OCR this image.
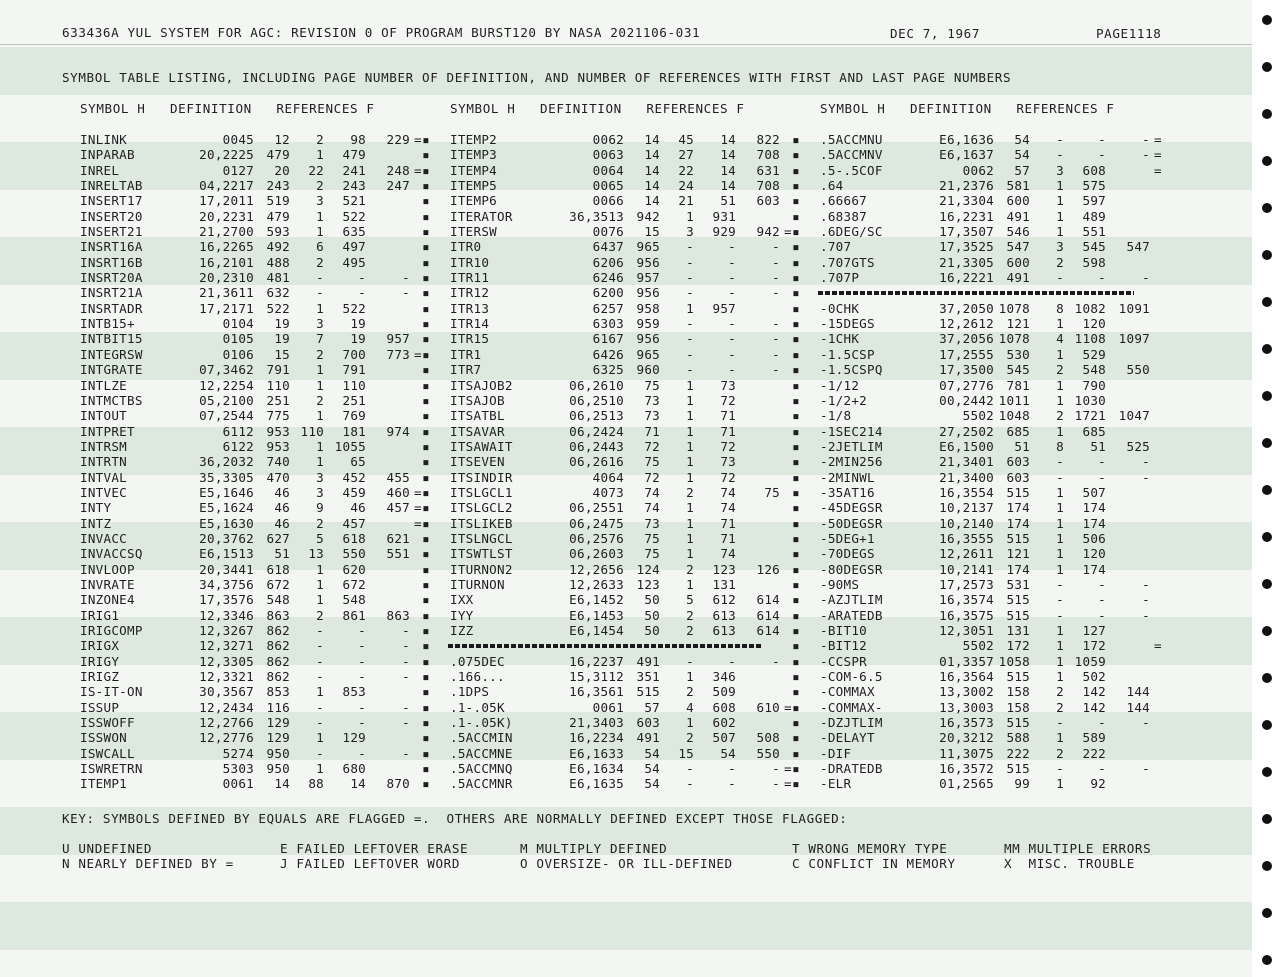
633436A YUL SYSTEM FOR AGC: REVISION 0 OF PROGRAM BURST120 BY NASA 2021106-031	DEC 7, 1967	PAGE1118
SYMBOL TABLE LISTING, INCLUDING PAGE NUMBER OF DEFINITION, AND NUMBER OF REFERENCES WITH FIRST AND LAST PAGE NUMBERS
SYMBOL H   DEFINITION   REFERENCES F	SYMBOL H   DEFINITION   REFERENCES F	SYMBOL H   DEFINITION   REFERENCES F
INLINK	0045	12	2	98	229 = ▪
INPARAB	20,2225 479	1	479	▪
INREL	0127	20	22	241	248 = ▪
INRELTAB	04,2217 243	2	243	247 ▪
INSERT17	17,2011 519	3	521	▪
INSERT20	20,2231 479	1	522	▪
INSERT21	21,2700 593	1	635	▪
INSRT16A	16,2265 492	6	497	▪
INSRT16B	16,2101 488	2	495	▪
INSRT20A	20,2310 481	-	-	- ▪
INSRT21A	21,3611 632	-	-	- ▪
INSRTADR	17,2171 522	1	522	▪
INTB15+	0104	19	3	19	▪
INTBIT15	0105	19	7	19	957 ▪
INTEGRSW	0106	15	2	700	773 = ▪
INTGRATE	07,3462 791	1	791	▪
INTLZE	12,2254 110	1	110	▪
INTMCTBS	05,2100 251	2	251	▪
INTOUT	07,2544 775	1	769	▪
INTPRET	6112 953 110	181	974 ▪
INTRSM	6122 953	1 1055	▪
INTRTN	36,2032 740	1	65	▪
INTVAL	35,3305 470	3	452	455 ▪
INTVEC	E5,1646	46	3	459	460 = ▪
INTY	E5,1624	46	9	46	457 = ▪
INTZ	E5,1630	46	2	457	= ▪
INVACC	20,3762 627	5	618	621 ▪
INVACCSQ	E6,1513	51	13	550	551 ▪
INVLOOP	20,3441 618	1	620	▪
INVRATE	34,3756 672	1	672	▪
INZONE4	17,3576 548	1	548	▪
IRIG1	12,3346 863	2	861	863 ▪
IRIGCOMP	12,3267 862	-	-	- ▪
IRIGX	12,3271 862	-	-	- ▪
IRIGY	12,3305 862	-	-	- ▪
IRIGZ	12,3321 862	-	-	- ▪
IS-IT-ON	30,3567 853	1	853	▪
ISSUP	12,2434 116	-	-	- ▪
ISSWOFF	12,2766 129	-	-	- ▪
ISSWON	12,2776 129	1	129	▪
ISWCALL	5274 950	-	-	- ▪
ISWRETRN	5303 950	1	680	▪
ITEMP1	0061	14	88	14	870 ▪
ITEMP2	0062	14	45	14	822 ▪
ITEMP3	0063	14	27	14	708 ▪
ITEMP4	0064	14	22	14	631 ▪
ITEMP5	0065	14	24	14	708 ▪
ITEMP6	0066	14	21	51	603 ▪
ITERATOR	36,3513 942	1	931	▪
ITERSW	0076	15	3	929	942 = ▪
ITR0	6437 965	-	-	- ▪
ITR10	6206 956	-	-	- ▪
ITR11	6246 957	-	-	- ▪
ITR12	6200 956	-	-	- ▪
ITR13	6257 958	1	957	▪
ITR14	6303 959	-	-	- ▪
ITR15	6167 956	-	-	- ▪
ITR1	6426 965	-	-	- ▪
ITR7	6325 960	-	-	- ▪
ITSAJOB2	06,2610	75	1	73	▪
ITSAJOB	06,2510	73	1	72	▪
ITSATBL	06,2513	73	1	71	▪
ITSAVAR	06,2424	71	1	71	▪
ITSAWAIT	06,2443	72	1	72	▪
ITSEVEN	06,2616	75	1	73	▪
ITSINDIR	4064	72	1	72	▪
ITSLGCL1	4073	74	2	74	75 ▪
ITSLGCL2	06,2551	74	1	74	▪
ITSLIKEB	06,2475	73	1	71	▪
ITSLNGCL	06,2576	75	1	71	▪
ITSWTLST	06,2603	75	1	74	▪
ITURNON2	12,2656 124	2	123	126 ▪
ITURNON	12,2633 123	1	131	▪
IXX	E6,1452	50	5	612	614 ▪
IYY	E6,1453	50	2	613	614 ▪
IZZ	E6,1454	50	2	613	614 ▪
▪
.075DEC	16,2237 491	-	-	- ▪
.166...	15,3112 351	1	346	▪
.1DPS	16,3561 515	2	509	▪
.1-.05K	0061	57	4	608	610 = ▪
.1-.05K)	21,3403 603	1	602	▪
.5ACCMIN	16,2234 491	2	507	508 ▪
.5ACCMNE	E6,1633	54	15	54	550 ▪
.5ACCMNQ	E6,1634	54	-	-	- = ▪
.5ACCMNR	E6,1635	54	-	-	- = ▪
.5ACCMNU	E6,1636	54	-	-	- =
.5ACCMNV	E6,1637	54	-	-	- =
.5-.5COF	0062	57	3	608	=
.64	21,2376 581	1	575
.66667	21,3304 600	1	597
.68387	16,2231 491	1	489
.6DEG/SC	17,3507 546	1	551
.707	17,3525 547	3	545	547
.707GTS	21,3305 600	2	598
.707P	16,2221 491	-	-	-
-0CHK	37,2050 1078	8 1082	1091
-15DEGS	12,2612 121	1	120
-1CHK	37,2056 1078	4 1108	1097
-1.5CSP	17,2555 530	1	529
-1.5CSPQ	17,3500 545	2	548	550
-1/12	07,2776 781	1	790
-1/2+2	00,2442 1011	1 1030
-1/8	5502 1048	2 1721	1047
-1SEC214	27,2502 685	1	685
-2JETLIM	E6,1500	51	8	51	525
-2MIN256	21,3401 603	-	-	-
-2MINWL	21,3400 603	-	-	-
-35AT16	16,3554 515	1	507
-45DEGSR	10,2137 174	1	174
-50DEGSR	10,2140 174	1	174
-5DEG+1	16,3555 515	1	506
-70DEGS	12,2611 121	1	120
-80DEGSR	10,2141 174	1	174
-90MS	17,2573 531	-	-	-
-AZJTLIM	16,3574 515	-	-	-
-ARATEDB	16,3575 515	-	-	-
-BIT10	12,3051 131	1	127
-BIT12	5502 172	1	172	=
-CCSPR	01,3357 1058	1 1059
-COM-6.5	16,3564 515	1	502
-COMMAX	13,3002 158	2	142	144
-COMMAX-	13,3003 158	2	142	144
-DZJTLIM	16,3573 515	-	-	-
-DELAYT	20,3212 588	1	589
-DIF	11,3075 222	2	222
-DRATEDB	16,3572 515	-	-	-
-ELR	01,2565	99	1	92
KEY: SYMBOLS DEFINED BY EQUALS ARE FLAGGED =.  OTHERS ARE NORMALLY DEFINED EXCEPT THOSE FLAGGED:
U UNDEFINED	E FAILED LEFTOVER ERASE	M MULTIPLY DEFINED	T WRONG MEMORY TYPE	MM MULTIPLE ERRORS
N NEARLY DEFINED BY =	J FAILED LEFTOVER WORD	O OVERSIZE- OR ILL-DEFINED	C CONFLICT IN MEMORY	X  MISC. TROUBLE
